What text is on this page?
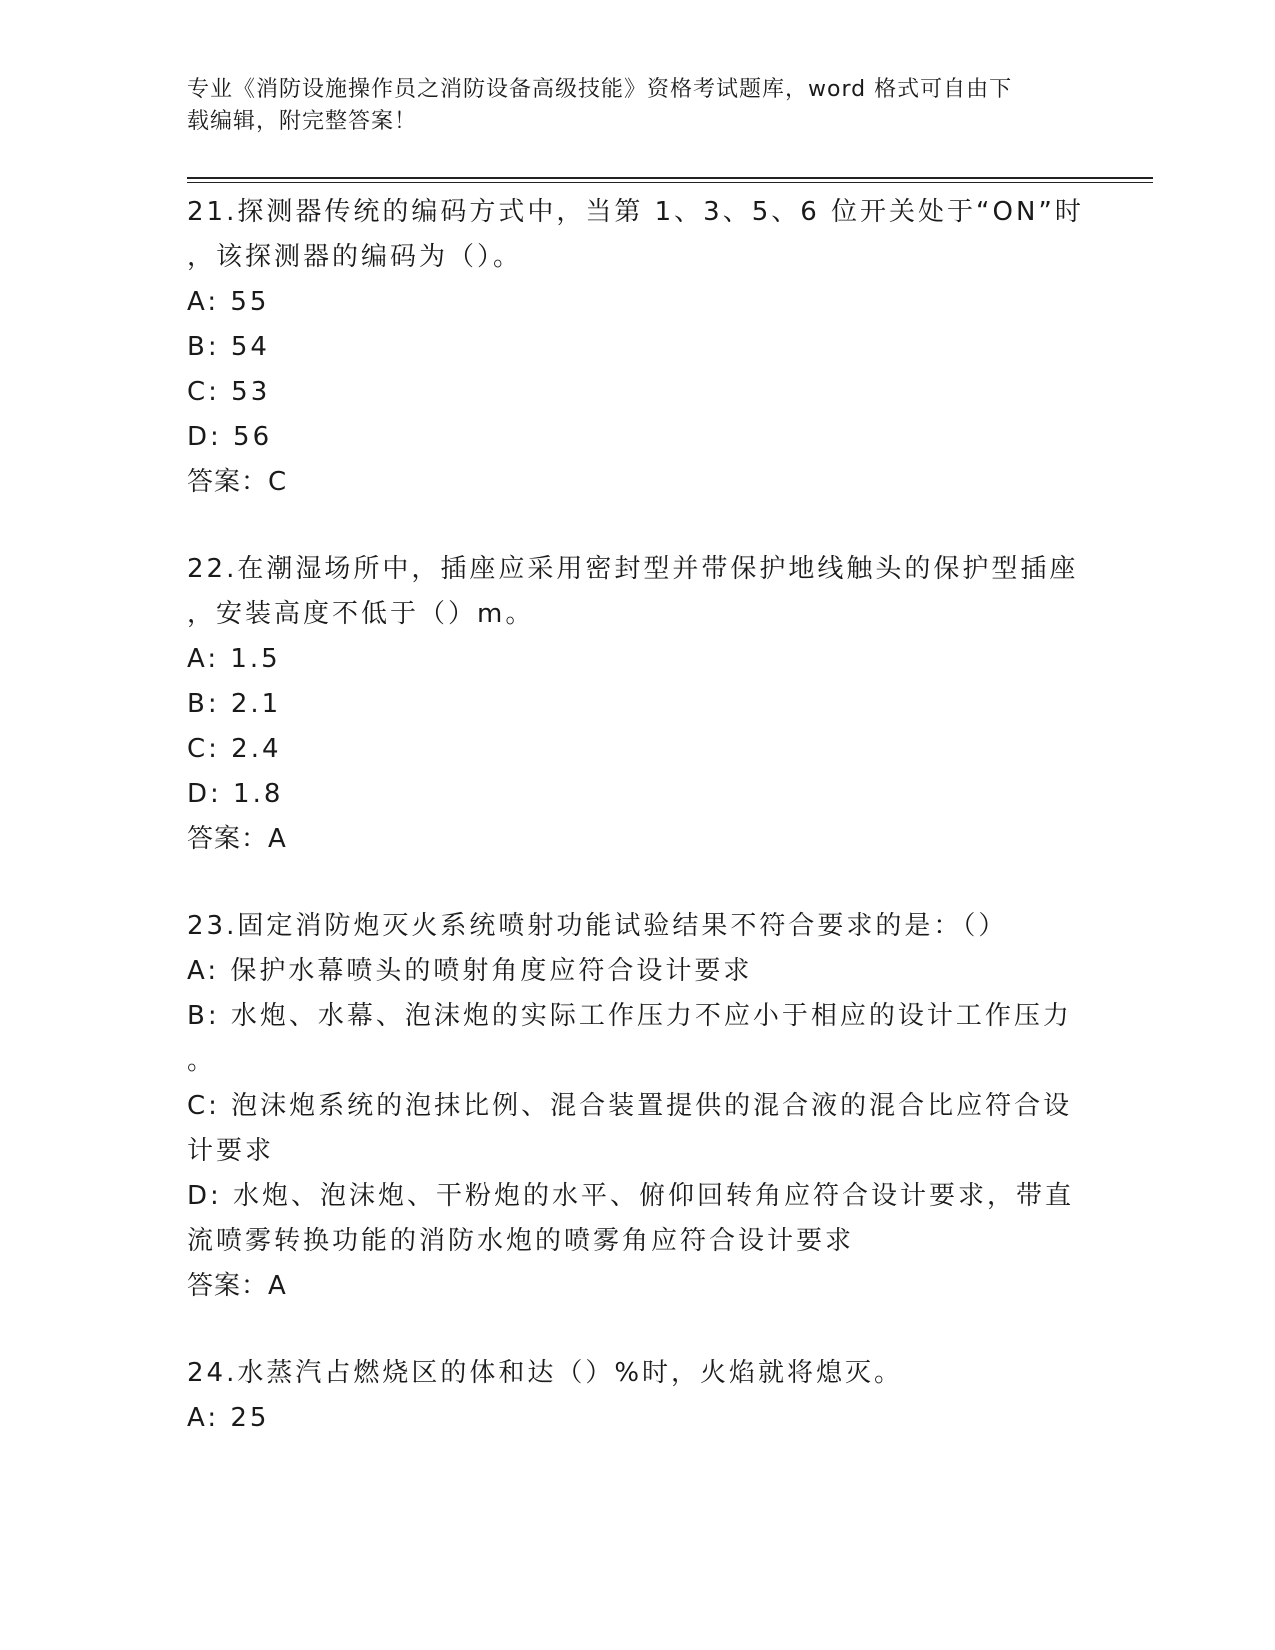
专业《消防设施操作员之消防设备高级技能》资格考试题库，word 格式可自由下
载编辑，附完整答案！
21.探测器传统的编码方式中，当第 1、3、5、6 位开关处于“ON”时
，该探测器的编码为（）。
A: 55
B: 54
C: 53
D: 56
答案：C
22.在潮湿场所中，插座应采用密封型并带保护地线触头的保护型插座
，安装高度不低于（）m。
A: 1.5
B: 2.1
C: 2.4
D: 1.8
答案：A
23.固定消防炮灭火系统喷射功能试验结果不符合要求的是：（）
A: 保护水幕喷头的喷射角度应符合设计要求
B: 水炮、水幕、泡沫炮的实际工作压力不应小于相应的设计工作压力
。
C: 泡沫炮系统的泡抹比例、混合装置提供的混合液的混合比应符合设
计要求
D: 水炮、泡沫炮、干粉炮的水平、俯仰回转角应符合设计要求，带直
流喷雾转换功能的消防水炮的喷雾角应符合设计要求
答案：A
24.水蒸汽占燃烧区的体和达（）%时，火焰就将熄灭。
A: 25
